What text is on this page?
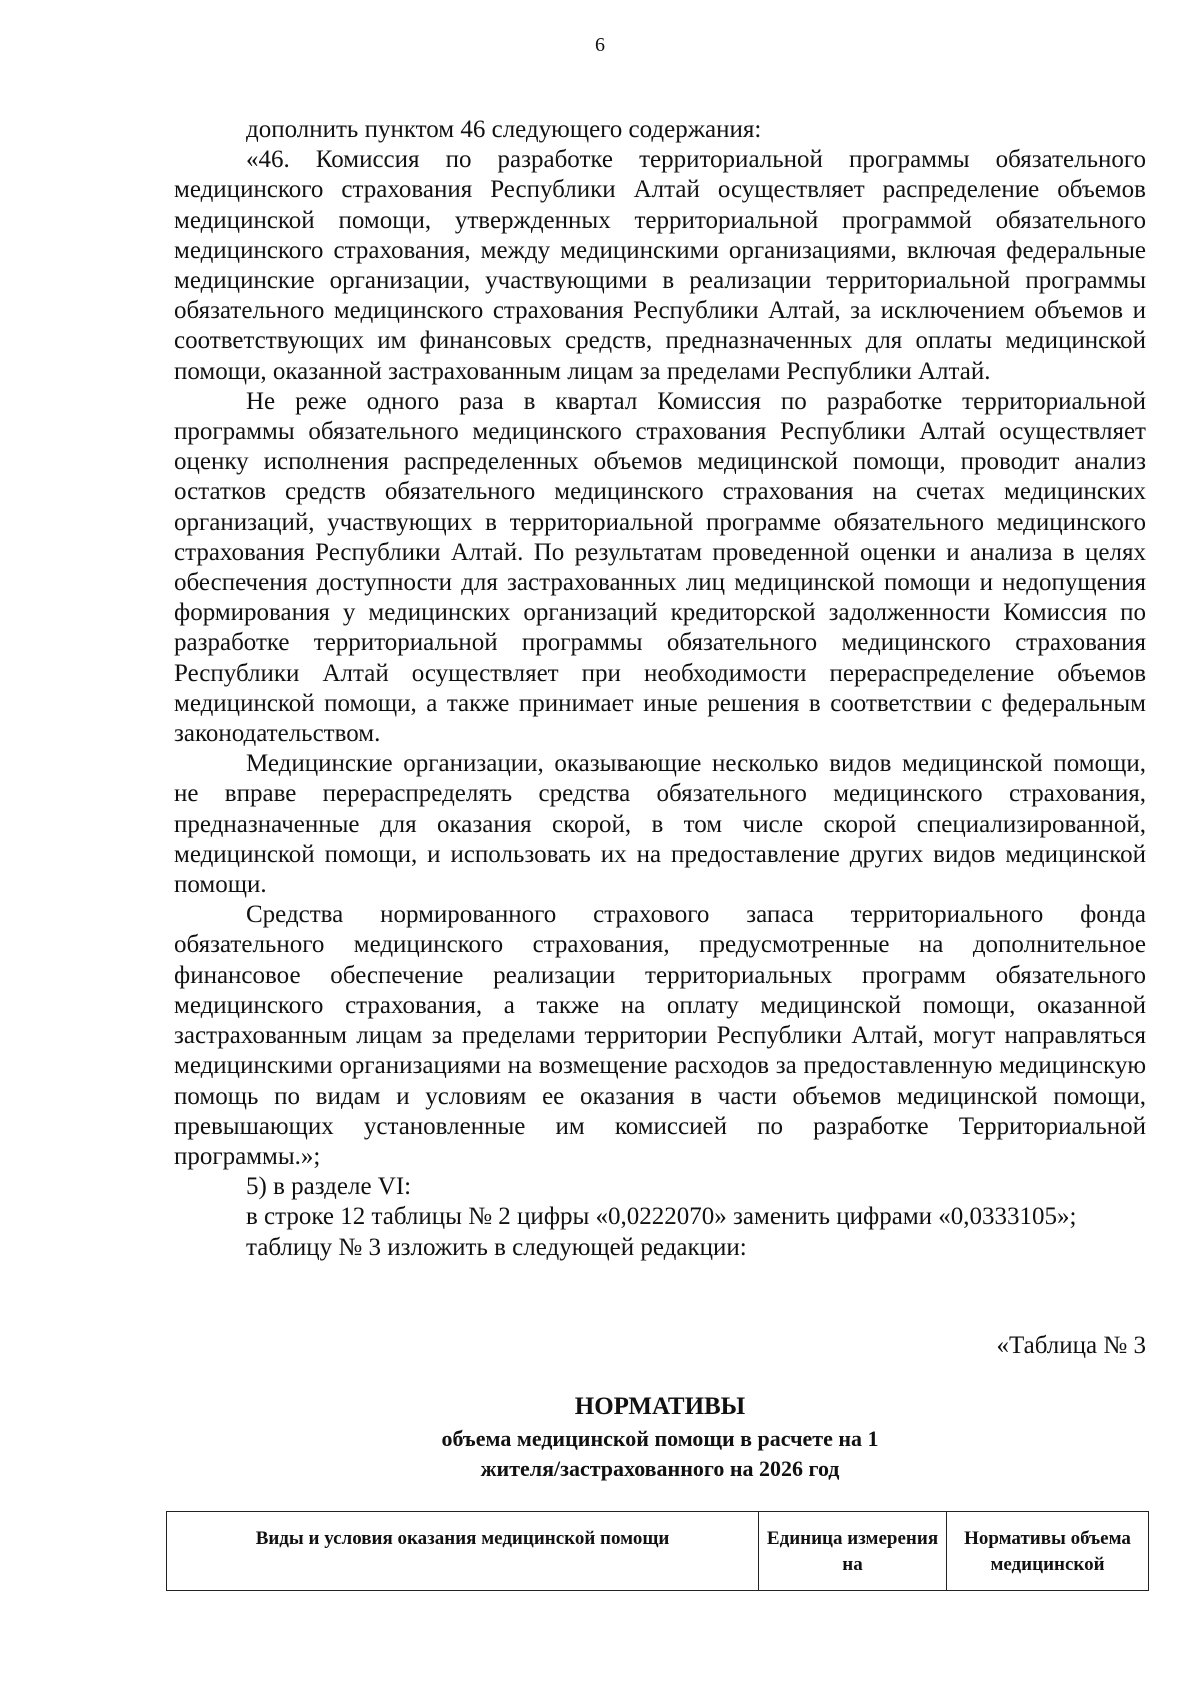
6

дополнить пунктом 46 следующего содержания:

«46. Комиссия по разработке территориальной программы обязательного медицинского страхования Республики Алтай осуществляет распределение объемов медицинской помощи, утвержденных территориальной программой обязательного медицинского страхования, между медицинскими организациями, включая федеральные медицинские организации, участвующими в реализации территориальной программы обязательного медицинского страхования Республики Алтай, за исключением объемов и соответствующих им финансовых средств, предназначенных для оплаты медицинской помощи, оказанной застрахованным лицам за пределами Республики Алтай.

Не реже одного раза в квартал Комиссия по разработке территориальной программы обязательного медицинского страхования Республики Алтай осуществляет оценку исполнения распределенных объемов медицинской помощи, проводит анализ остатков средств обязательного медицинского страхования на счетах медицинских организаций, участвующих в территориальной программе обязательного медицинского страхования Республики Алтай. По результатам проведенной оценки и анализа в целях обеспечения доступности для застрахованных лиц медицинской помощи и недопущения формирования у медицинских организаций кредиторской задолженности Комиссия по разработке территориальной программы обязательного медицинского страхования Республики Алтай осуществляет при необходимости перераспределение объемов медицинской помощи, а также принимает иные решения в соответствии с федеральным законодательством.

Медицинские организации, оказывающие несколько видов медицинской помощи, не вправе перераспределять средства обязательного медицинского страхования, предназначенные для оказания скорой, в том числе скорой специализированной, медицинской помощи, и использовать их на предоставление других видов медицинской помощи.

Средства нормированного страхового запаса территориального фонда обязательного медицинского страхования, предусмотренные на дополнительное финансовое обеспечение реализации территориальных программ обязательного медицинского страхования, а также на оплату медицинской помощи, оказанной застрахованным лицам за пределами территории Республики Алтай, могут направляться медицинскими организациями на возмещение расходов за предоставленную медицинскую помощь по видам и условиям ее оказания в части объемов медицинской помощи, превышающих установленные им комиссией по разработке Территориальной программы.»;

5) в разделе VI:

в строке 12 таблицы № 2 цифры «0,0222070» заменить цифрами «0,0333105»;

таблицу № 3 изложить в следующей редакции:

«Таблица № 3
НОРМАТИВЫ
объема медицинской помощи в расчете на 1
жителя/застрахованного на 2026 год
Виды и условия оказания медицинской помощи	Единица измерения на	Нормативы объема медицинской
